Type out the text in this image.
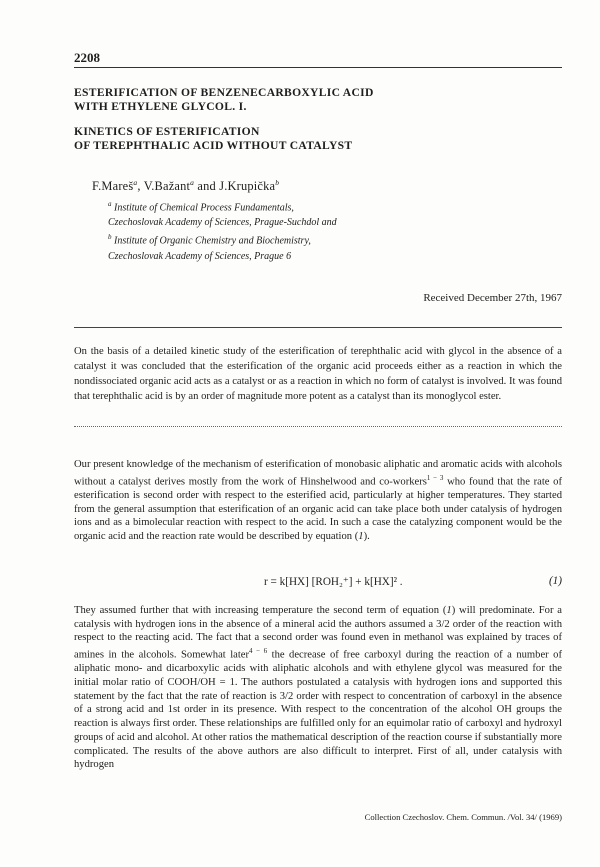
2208
ESTERIFICATION OF BENZENECARBOXYLIC ACID
WITH ETHYLENE GLYCOL. I.
KINETICS OF ESTERIFICATION
OF TEREPHTHALIC ACID WITHOUT CATALYST
F.Mareš$^a$, V.Bažant$^a$ and J.Krupička$^b$
$^a$ Institute of Chemical Process Fundamentals,
Czechoslovak Academy of Sciences, Prague-Suchdol and
$^b$ Institute of Organic Chemistry and Biochemistry,
Czechoslovak Academy of Sciences, Prague 6
Received December 27th, 1967
On the basis of a detailed kinetic study of the esterification of terephthalic acid with glycol in the absence of a catalyst it was concluded that the esterification of the organic acid proceeds either as a reaction in which the nondissociated organic acid acts as a catalyst or as a reaction in which no form of catalyst is involved. It was found that terephthalic acid is by an order of magnitude more potent as a catalyst than its monoglycol ester.
Our present knowledge of the mechanism of esterification of monobasic aliphatic and aromatic acids with alcohols without a catalyst derives mostly from the work of Hinshelwood and co-workers$^{1 - 3}$ who found that the rate of esterification is second order with respect to the esterified acid, particularly at higher temperatures. They started from the general assumption that esterification of an organic acid can take place both under catalysis of hydrogen ions and as a bimolecular reaction with respect to the acid. In such a case the catalyzing component would be the organic acid and the reaction rate would be described by equation (1).
r = k[HX] [ROH₂⁺] + k[HX]² .	(1)
They assumed further that with increasing temperature the second term of equation (1) will predominate. For a catalysis with hydrogen ions in the absence of a mineral acid the authors assumed a 3/2 order of the reaction with respect to the reacting acid. The fact that a second order was found even in methanol was explained by traces of amines in the alcohols. Somewhat later$^{4 - 6}$ the decrease of free carboxyl during the reaction of a number of aliphatic mono- and dicarboxylic acids with aliphatic alcohols and with ethylene glycol was measured for the initial molar ratio of COOH/OH = 1. The authors postulated a catalysis with hydrogen ions and supported this statement by the fact that the rate of reaction is 3/2 order with respect to concentration of carboxyl in the absence of a strong acid and 1st order in its presence. With respect to the concentration of the alcohol OH groups the reaction is always first order. These relationships are fulfilled only for an equimolar ratio of carboxyl and hydroxyl groups of acid and alcohol. At other ratios the mathematical description of the reaction course if substantially more complicated. The results of the above authors are also difficult to interpret. First of all, under catalysis with hydrogen
Collection Czechoslov. Chem. Commun. /Vol. 34/ (1969)
